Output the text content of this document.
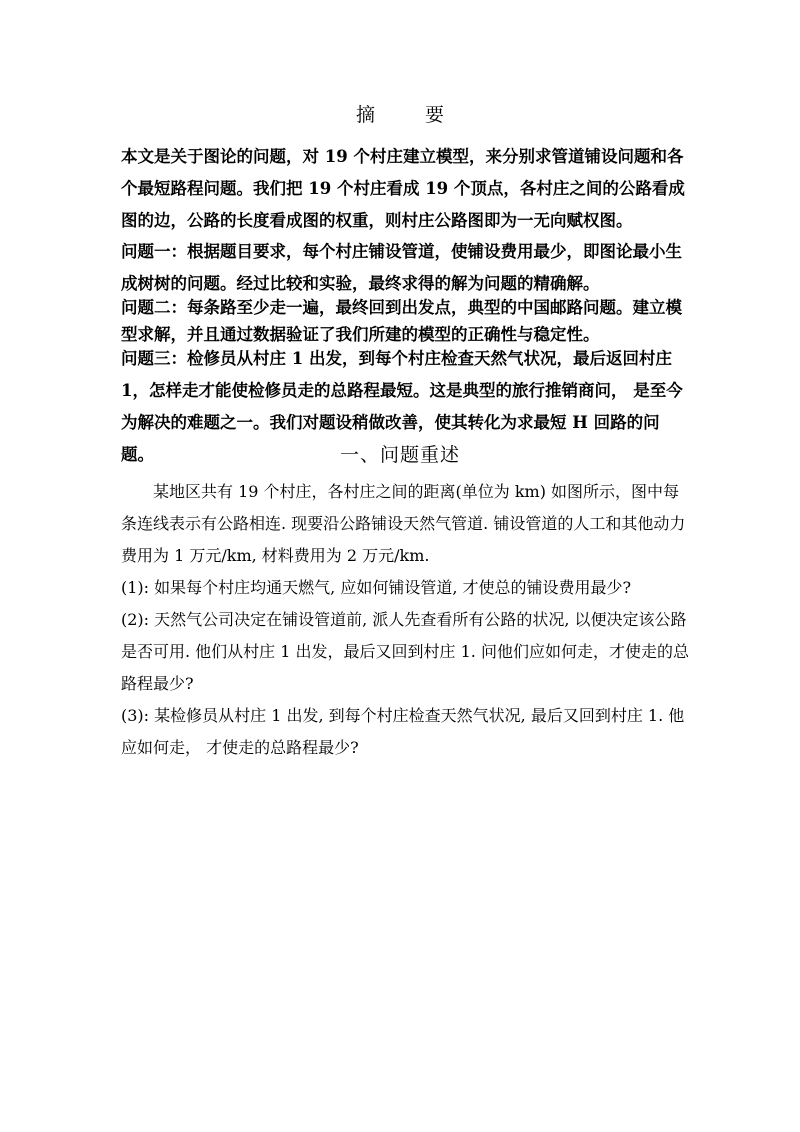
摘 要

本文是关于图论的问题，对 19 个村庄建立模型，来分别求管道铺设问题和各个最短路程问题。我们把 19 个村庄看成 19 个顶点，各村庄之间的公路看成图的边，公路的长度看成图的权重，则村庄公路图即为一无向赋权图。

问题一：根据题目要求，每个村庄铺设管道，使铺设费用最少，即图论最小生成树树的问题。经过比较和实验，最终求得的解为问题的精确解。

问题二：每条路至少走一遍，最终回到出发点，典型的中国邮路问题。建立模型求解，并且通过数据验证了我们所建的模型的正确性与稳定性。

问题三：检修员从村庄 1 出发，到每个村庄检查天然气状况，最后返回村庄 1，怎样走才能使检修员走的总路程最短。这是典型的旅行推销商问， 是至今为解决的难题之一。我们对题设稍做改善，使其转化为求最短 H 回路的问题。	一、问题重述

某地区共有 19 个村庄，各村庄之间的距离(单位为 km) 如图所示，图中每条连线表示有公路相连. 现要沿公路铺设天然气管道. 铺设管道的人工和其他动力费用为 1 万元/km, 材料费用为 2 万元/km.

(1): 如果每个村庄均通天燃气, 应如何铺设管道, 才使总的铺设费用最少?

(2): 天然气公司决定在铺设管道前, 派人先查看所有公路的状况, 以便决定该公路是否可用. 他们从村庄 1 出发，最后又回到村庄 1. 问他们应如何走，才使走的总路程最少?

(3): 某检修员从村庄 1 出发, 到每个村庄检查天然气状况, 最后又回到村庄 1. 他应如何走， 才使走的总路程最少?
